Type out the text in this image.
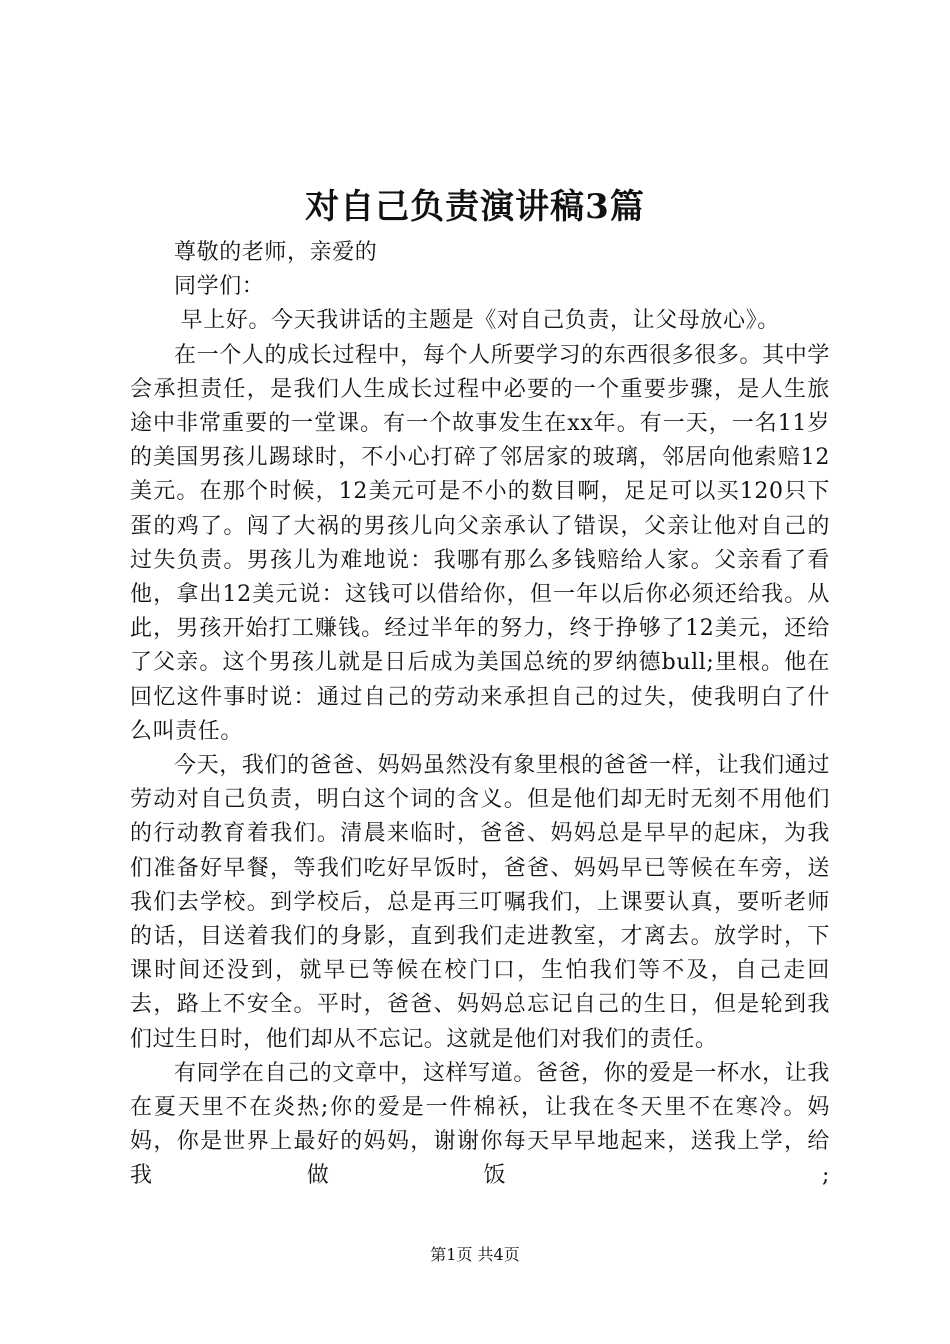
对自己负责演讲稿3篇

尊敬的老师，亲爱的

同学们：

早上好。今天我讲话的主题是《对自己负责，让父母放心》。

在一个人的成长过程中，每个人所要学习的东西很多很多。其中学会承担责任，是我们人生成长过程中必要的一个重要步骤，是人生旅途中非常重要的一堂课。有一个故事发生在xx年。有一天，一名11岁的美国男孩儿踢球时，不小心打碎了邻居家的玻璃，邻居向他索赔12美元。在那个时候，12美元可是不小的数目啊，足足可以买120只下蛋的鸡了。闯了大祸的男孩儿向父亲承认了错误，父亲让他对自己的过失负责。男孩儿为难地说：我哪有那么多钱赔给人家。父亲看了看他，拿出12美元说：这钱可以借给你，但一年以后你必须还给我。从此，男孩开始打工赚钱。经过半年的努力，终于挣够了12美元，还给了父亲。这个男孩儿就是日后成为美国总统的罗纳德bull;里根。他在回忆这件事时说：通过自己的劳动来承担自己的过失，使我明白了什么叫责任。

今天，我们的爸爸、妈妈虽然没有象里根的爸爸一样，让我们通过劳动对自己负责，明白这个词的含义。但是他们却无时无刻不用他们的行动教育着我们。清晨来临时，爸爸、妈妈总是早早的起床，为我们准备好早餐，等我们吃好早饭时，爸爸、妈妈早已等候在车旁，送我们去学校。到学校后，总是再三叮嘱我们，上课要认真，要听老师的话，目送着我们的身影，直到我们走进教室，才离去。放学时，下课时间还没到，就早已等候在校门口，生怕我们等不及，自己走回去，路上不安全。平时，爸爸、妈妈总忘记自己的生日，但是轮到我们过生日时，他们却从不忘记。这就是他们对我们的责任。

有同学在自己的文章中，这样写道。爸爸，你的爱是一杯水，让我在夏天里不在炎热;你的爱是一件棉袄，让我在冬天里不在寒冷。妈妈，你是世界上最好的妈妈，谢谢你每天早早地起来，送我上学，给我做饭 ;

第1页 共4页
